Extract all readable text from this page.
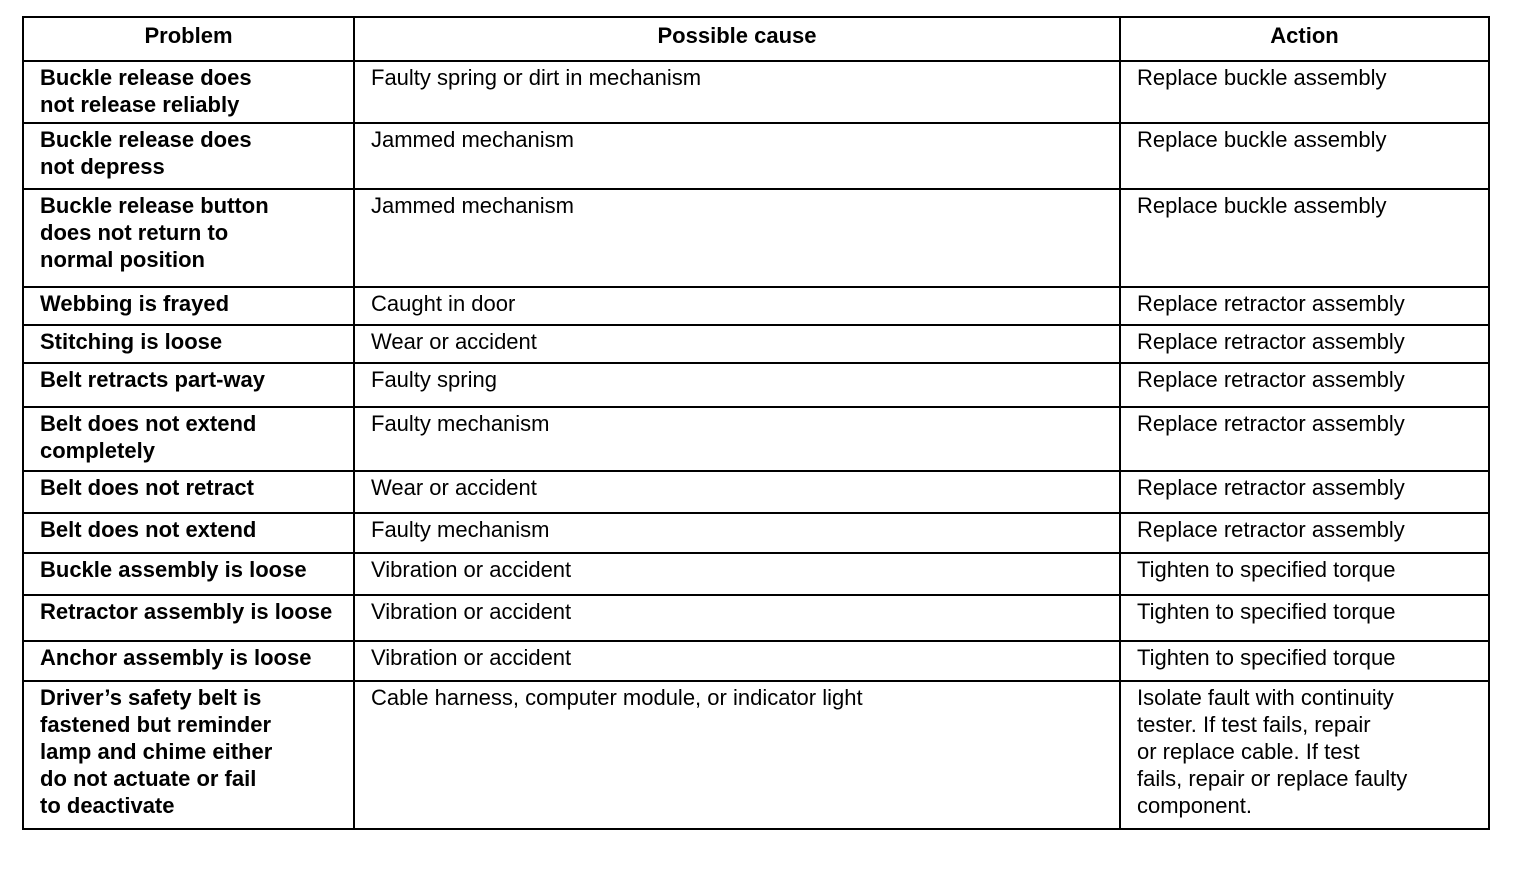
Problem	Possible cause	Action

Buckle release does
not release reliably	Faulty spring or dirt in mechanism	Replace buckle assembly

Buckle release does
not depress	Jammed mechanism	Replace buckle assembly

Buckle release button
does not return to
normal position	Jammed mechanism	Replace buckle assembly

Webbing is frayed	Caught in door	Replace retractor assembly

Stitching is loose	Wear or accident	Replace retractor assembly

Belt retracts part-way	Faulty spring	Replace retractor assembly

Belt does not extend
completely	Faulty mechanism	Replace retractor assembly

Belt does not retract	Wear or accident	Replace retractor assembly

Belt does not extend	Faulty mechanism	Replace retractor assembly

Buckle assembly is loose	Vibration or accident	Tighten to specified torque

Retractor assembly is loose	Vibration or accident	Tighten to specified torque

Anchor assembly is loose	Vibration or accident	Tighten to specified torque

Driver’s safety belt is
fastened but reminder
lamp and chime either
do not actuate or fail
to deactivate	Cable harness, computer module, or indicator light	Isolate fault with continuity
tester. If test fails, repair
or replace cable. If test
fails, repair or replace faulty
component.
